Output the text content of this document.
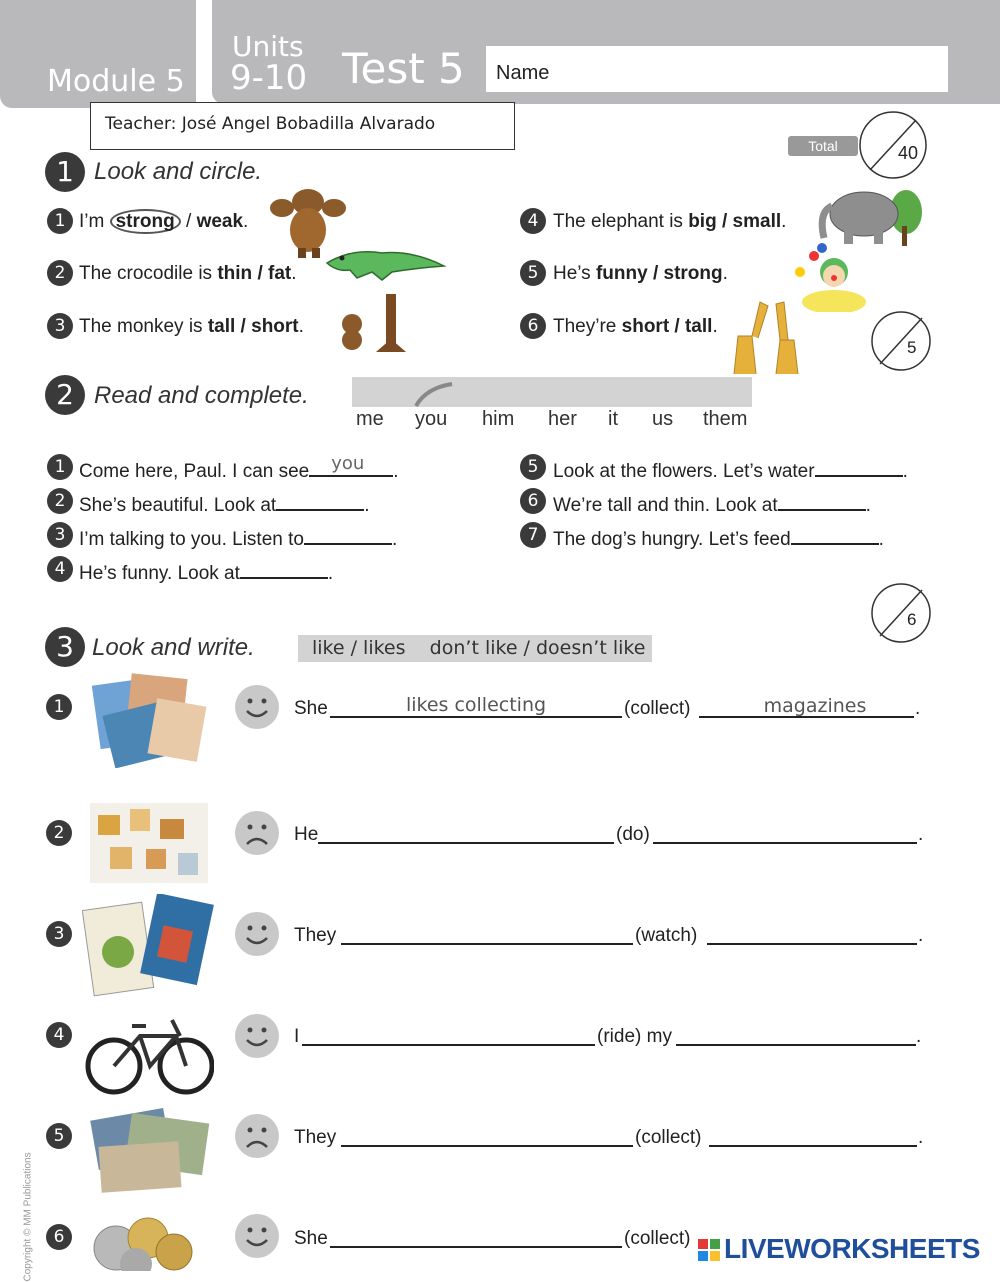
Module 5
Units
9-10 Test 5 Name
Teacher: José Angel Bobadilla Alvarado
Total	40
1 Look and circle.
1 I’m strong / weak.
2 The crocodile is thin / fat.
3 The monkey is tall / short.
4 The elephant is big / small.
5 He’s funny / strong.
6 They’re short / tall.
5
2 Read and complete.
me you him her it us them
1 Come here, Paul. I can see you .
2 She’s beautiful. Look at	.
3 I’m talking to you. Listen to	.
4 He’s funny. Look at	.
5 Look at the flowers. Let’s water	.
6 We’re tall and thin. Look at	.
7 The dog’s hungry. Let’s feed	.
6
3 Look and write.	like / likes    don’t like / doesn’t like
1	She	likes collecting	(collect)	magazines	.
2	He	(do)	.
3	They	(watch)	.
4	I	(ride) my	.
5	They	(collect)	.
6	She	(collect)
Copyright © MM Publications	LIVEWORKSHEETS
